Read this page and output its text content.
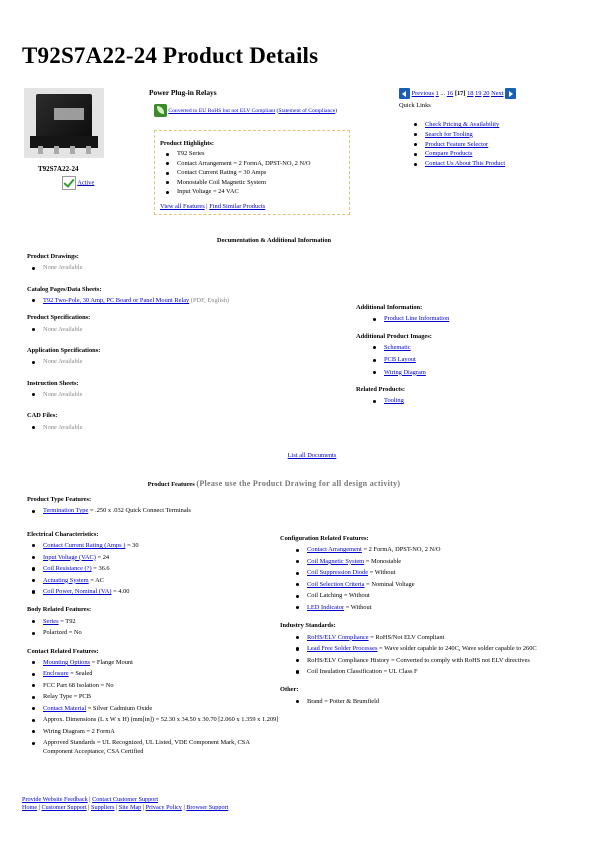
T92S7A22-24 Product Details
T92S7A22-24
Active
Power Plug-in Relays
Converted to EU RoHS but not ELV Compliant (Statement of Compliance)
Product Highlights:
T92 Series
Contact Arrangement = 2 FormA, DPST-NO, 2 N/O
Contact Current Rating = 30 Amps
Monostable Coil Magnetic System
Input Voltage = 24 VAC
View all Features | Find Similar Products
Previous 1 ... 16 [17] 18 19 20 Next
Quick Links
Check Pricing & Availability
Search for Tooling
Product Feature Selector
Compare Products
Contact Us About This Product
Documentation & Additional Information
Product Drawings:
None Available
Catalog Pages/Data Sheets:
T92 Two-Pole, 30 Amp, PC Board or Panel Mount Relay (PDF, English)
Product Specifications:
None Available
Application Specifications:
None Available
Instruction Sheets:
None Available
CAD Files:
None Available
Additional Information:
Product Line Information
Additional Product Images:
Schematic
PCB Layout
Wiring Diagram
Related Products:
Tooling
List all Documents
Product Features (Please use the Product Drawing for all design activity)
Product Type Features:
Termination Type = .250 x .032 Quick Connect Terminals
Electrical Characteristics:
Contact Current Rating (Amps ) = 30
Input Voltage (VAC) = 24
Coil Resistance (?) = 36.6
Actuating System = AC
Coil Power, Nominal (VA) = 4.00
Body Related Features:
Series = T92
Polarized = No
Contact Related Features:
Mounting Options = Flange Mount
Enclosure = Sealed
FCC Part 68 Isolation = No
Relay Type = PCB
Contact Material = Silver Cadmium Oxide
Approx. Dimensions (L x W x H) (mm[in]) = 52.30 x 34.50 x 30.70 [2.060 x 1.359 x 1.209]
Wiring Diagram = 2 FormA
Approved Standards = UL Recognized, UL Listed, VDE Component Mark, CSA Component Acceptance, CSA Certified
Configuration Related Features:
Contact Arrangement = 2 FormA, DPST-NO, 2 N/O
Coil Magnetic System = Monostable
Coil Suppression Diode = Without
Coil Selection Criteria = Nominal Voltage
Coil Latching = Without
LED Indicator = Without
Industry Standards:
RoHS/ELV Compliance = RoHS/Not ELV Compliant
Lead Free Solder Processes = Wave solder capable to 240C, Wave solder capable to 260C
RoHS/ELV Compliance History = Converted to comply with RoHS not ELV directives
Coil Insulation Classification = UL Class F
Other:
Brand = Potter & Brumfield
Provide Website Feedback | Contact Customer Support
Home | Customer Support | Suppliers | Site Map | Privacy Policy | Browser Support
